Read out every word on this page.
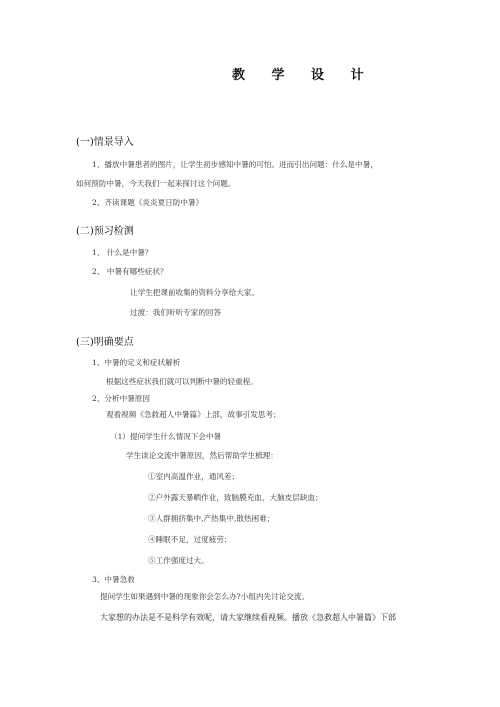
教 学 设 计
(一)情景导入
1、播放中暑患者的图片，让学生初步感知中暑的可怕。进而引出问题：什么是中暑，
如何预防中暑，今天我们一起来探讨这个问题。
2、齐读课题《炎炎夏日防中暑》
(二)预习检测
1、 什么是中暑？
2、 中暑有哪些症状？
让学生把课前收集的资料分享给大家。
过渡：我们听听专家的回答
(三)明确要点
1、中暑的定义和症状解析
根据这些症状我们就可以判断中暑的轻重程。
2、分析中暑原因
观看视频《急救超人中暑篇》上部，故事引发思考；
（1）提问学生什么情况下会中暑
学生谈论交流中暑原因，然后帮助学生梳理：
①室内高温作业，通风差；
②户外露天暴晒作业，致脑膜充血，大脑皮层缺血；
③人群拥挤集中,产热集中,散热困难；
④睡眠不足，过度疲劳；
⑤工作强度过大。
3、中暑急救
提问学生如果遇到中暑的现象你会怎么办?小组内先讨论交流。
大家想的办法是不是科学有效呢，请大家继续看视频。播放《急救超人中暑篇》下部
